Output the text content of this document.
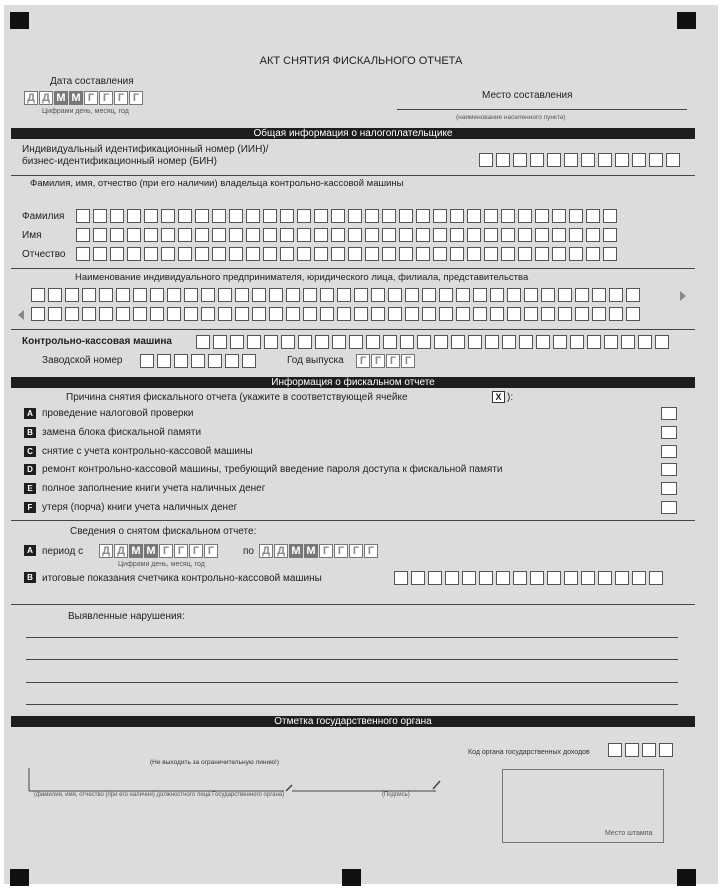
АКТ СНЯТИЯ ФИСКАЛЬНОГО ОТЧЕТА
Дата составления
Д Д М М Г Г Г Г
Цифрами день, месяц, год
Место составления
(наименование населенного пункта)
Общая информация о налогоплательщике
Индивидуальный идентификационный номер (ИИН)/
бизнес-идентификационный номер (БИН)
Фамилия, имя, отчество (при его наличии) владельца контрольно-кассовой машины
Фамилия
Имя
Отчество
Наименование индивидуального предпринимателя, юридического лица, филиала, представительства
Контрольно-кассовая машина
Заводской номер	Год выпуска	Г Г Г Г
Информация о фискальном отчете
Причина снятия фискального отчета (укажите в соответствующей ячейке	X ):
A проведение налоговой проверки
B замена блока фискальной памяти
C снятие с учета контрольно-кассовой машины
D ремонт контрольно-кассовой машины, требующий введение пароля доступа к фискальной памяти
E полное заполнение книги учета наличных денег
F утеря (порча) книги учета наличных денег
Сведения о снятом фискальном отчете:
A период с Д Д М М Г Г Г Г	по Д Д М М Г Г Г Г
Цифрами день, месяц, год
B итоговые показания счетчика контрольно-кассовой машины
Выявленные нарушения:
Отметка государственного органа
Код органа государственных доходов
(Не выходить за ограничительную линию!)
(фамилия, имя, отчество (при его наличии) должностного лица Государственного органа)	(Подпись)
Место штампа
